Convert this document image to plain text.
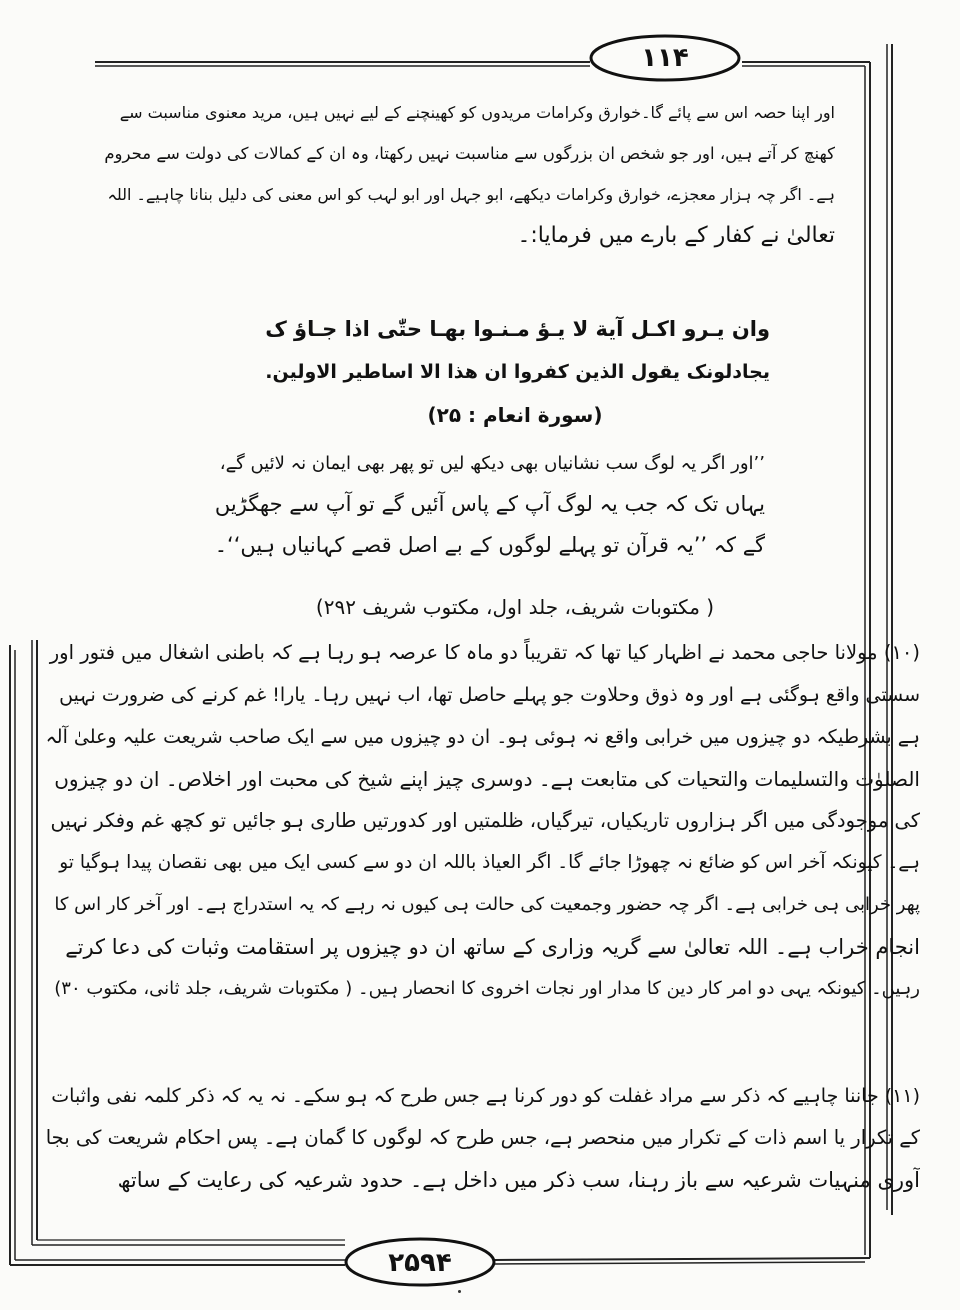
۱۱۴
۲۵۹۴
اور اپنا حصہ اس سے پائے گا۔خوارق وکرامات مریدوں کو کھینچنے کے لیے نہیں ہیں، مرید معنوی مناسبت سے
کھنچ کر آتے ہیں، اور جو شخص ان بزرگوں سے مناسبت نہیں رکھتا، وہ ان کے کمالات کی دولت سے محروم
ہے۔ اگر چہ ہزار معجزے، خوارق وکرامات دیکھے، ابو جہل اور ابو لہب کو اس معنی کی دلیل بنانا چاہیے۔ اللہ
تعالیٰ نے کفار کے بارے میں فرمایا:۔
وان یـرو اکـل آیة لا یـؤ مـنـوا بهـا حتّٰی اذا جـاؤ ک
یجادلونک یقول الذین کفروا ان هذا الا اساطیر الاولین.
(سورة انعام : ۲۵)
’’اور اگر یہ لوگ سب نشانیاں بھی دیکھ لیں تو پھر بھی ایمان نہ لائیں گے،
یہاں تک کہ جب یہ لوگ آپ کے پاس آئیں گے تو آپ سے جھگڑیں
گے کہ ’’یہ قرآن تو پہلے لوگوں کے بے اصل قصے کہانیاں ہیں‘‘۔
( مکتوبات شریف، جلد اول، مکتوب شریف ۲۹۲)
(۱۰) مولانا حاجی محمد نے اظہار کیا تھا کہ تقریباً دو ماہ کا عرصہ ہو رہا ہے کہ باطنی اشغال میں فتور اور
سستی واقع ہوگئی ہے اور وہ ذوق وحلاوت جو پہلے حاصل تھا، اب نہیں رہا۔ یارا! غم کرنے کی ضرورت نہیں
ہے بشرطیکہ دو چیزوں میں خرابی واقع نہ ہوئی ہو۔ ان دو چیزوں میں سے ایک صاحب شریعت علیہ وعلیٰ آلہ
الصلوٰت والتسلیمات والتحیات کی متابعت ہے۔ دوسری چیز اپنے شیخ کی محبت اور اخلاص۔ ان دو چیزوں
کی موجودگی میں اگر ہزاروں تاریکیاں، تیرگیاں، ظلمتیں اور کدورتیں طاری ہو جائیں تو کچھ غم وفکر نہیں
ہے۔ کیونکہ آخر اس کو ضائع نہ چھوڑا جائے گا۔ اگر العیاذ باللہ ان دو سے کسی ایک میں بھی نقصان پیدا ہوگیا تو
پھر خرابی ہی خرابی ہے۔ اگر چہ حضور وجمعیت کی حالت ہی کیوں نہ رہے کہ یہ استدراج ہے۔ اور آخر کار اس کا
انجام خراب ہے۔ اللہ تعالیٰ سے گریہ وزاری کے ساتھ ان دو چیزوں پر استقامت وثبات کی دعا کرتے
رہیں۔ کیونکہ یہی دو امر کار دین کا مدار اور نجات اخروی کا انحصار ہیں۔ ( مکتوبات شریف، جلد ثانی، مکتوب ۳۰)
(۱۱) جاننا چاہیے کہ ذکر سے مراد غفلت کو دور کرنا ہے جس طرح کہ ہو سکے۔ نہ یہ کہ ذکر کلمہ نفی واثبات
کے تکرار یا اسم ذات کے تکرار میں منحصر ہے، جس طرح کہ لوگوں کا گمان ہے۔ پس احکام شریعت کی بجا
آوری منہیات شرعیہ سے باز رہنا، سب ذکر میں داخل ہے۔ حدود شرعیہ کی رعایت کے ساتھ
